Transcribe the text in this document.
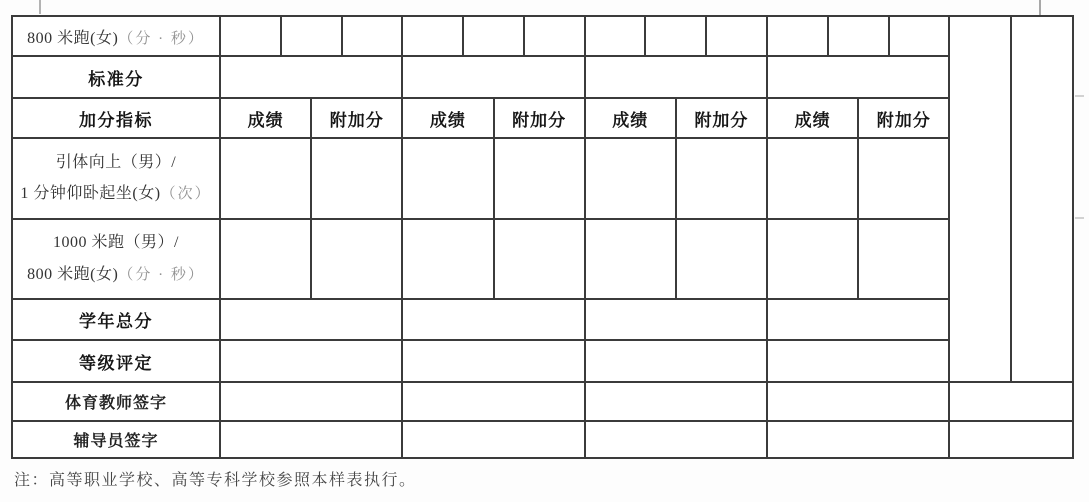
800 米跑(女)（分 · 秒）																		
标准分																		
加分指标	成绩		附加分		成绩		附加分		成绩		附加分		成绩		附加分			

引体向上（男）/
1 分钟仰卧起坐(女)（次）																		

1000 米跑（男）/
800 米跑(女)（分 · 秒）																		

学年总分																		
等级评定																		
体育教师签字																		
辅导员签字																		
注：高等职业学校、高等专科学校参照本样表执行。
